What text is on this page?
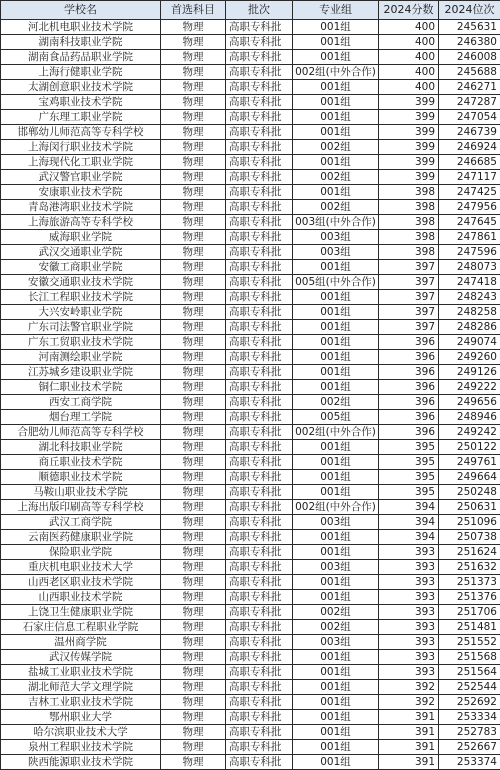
学校名	首选科目	批次	专业组	2024分数	2024位次
河北机电职业技术学院	物理	高职专科批	001组	400	245631
湖南科技职业学院	物理	高职专科批	001组	400	246380
湖南食品药品职业学院	物理	高职专科批	001组	400	246008
上海行健职业学院	物理	高职专科批	002组(中外合作)	400	245688
太湖创意职业技术学院	物理	高职专科批	001组	400	246271
宝鸡职业技术学院	物理	高职专科批	001组	399	247287
广东理工职业学院	物理	高职专科批	001组	399	247054
邯郸幼儿师范高等专科学校	物理	高职专科批	001组	399	246739
上海闵行职业技术学院	物理	高职专科批	002组	399	246924
上海现代化工职业学院	物理	高职专科批	001组	399	246685
武汉警官职业学院	物理	高职专科批	002组	399	247117
安康职业技术学院	物理	高职专科批	001组	398	247425
青岛港湾职业技术学院	物理	高职专科批	002组	398	247956
上海旅游高等专科学校	物理	高职专科批	003组(中外合作)	398	247645
威海职业学院	物理	高职专科批	003组	398	247861
武汉交通职业学院	物理	高职专科批	003组	398	247596
安徽工商职业学院	物理	高职专科批	001组	397	248073
安徽交通职业技术学院	物理	高职专科批	005组(中外合作)	397	247418
长江工程职业技术学院	物理	高职专科批	001组	397	248243
大兴安岭职业学院	物理	高职专科批	001组	397	248258
广东司法警官职业学院	物理	高职专科批	001组	397	248286
广东工贸职业技术学院	物理	高职专科批	001组	396	249074
河南测绘职业学院	物理	高职专科批	001组	396	249260
江苏城乡建设职业学院	物理	高职专科批	001组	396	249126
铜仁职业技术学院	物理	高职专科批	001组	396	249222
西安工商学院	物理	高职专科批	002组	396	249656
烟台理工学院	物理	高职专科批	005组	396	248946
合肥幼儿师范高等专科学校	物理	高职专科批	002组(中外合作)	396	249242
湖北科技职业学院	物理	高职专科批	001组	395	250122
商丘职业技术学院	物理	高职专科批	001组	395	249761
顺德职业技术学院	物理	高职专科批	001组	395	249664
马鞍山职业技术学院	物理	高职专科批	001组	395	250248
上海出版印刷高等专科学校	物理	高职专科批	002组(中外合作)	394	250631
武汉工商学院	物理	高职专科批	003组	394	251096
云南医药健康职业学院	物理	高职专科批	001组	394	250738
保险职业学院	物理	高职专科批	001组	393	251624
重庆机电职业技术大学	物理	高职专科批	003组	393	251632
山西老区职业技术学院	物理	高职专科批	001组	393	251373
山西职业技术学院	物理	高职专科批	001组	393	251376
上饶卫生健康职业学院	物理	高职专科批	002组	393	251706
石家庄信息工程职业学院	物理	高职专科批	002组	393	251481
温州商学院	物理	高职专科批	003组	393	251552
武汉传媒学院	物理	高职专科批	001组	393	251568
盐城工业职业技术学院	物理	高职专科批	001组	393	251564
湖北师范大学文理学院	物理	高职专科批	001组	392	252544
吉林工业职业技术学院	物理	高职专科批	001组	392	252692
鄂州职业大学	物理	高职专科批	001组	391	253334
哈尔滨职业技术大学	物理	高职专科批	001组	391	252783
泉州工程职业技术学院	物理	高职专科批	001组	391	252667
陕西能源职业技术学院	物理	高职专科批	001组	391	253374
